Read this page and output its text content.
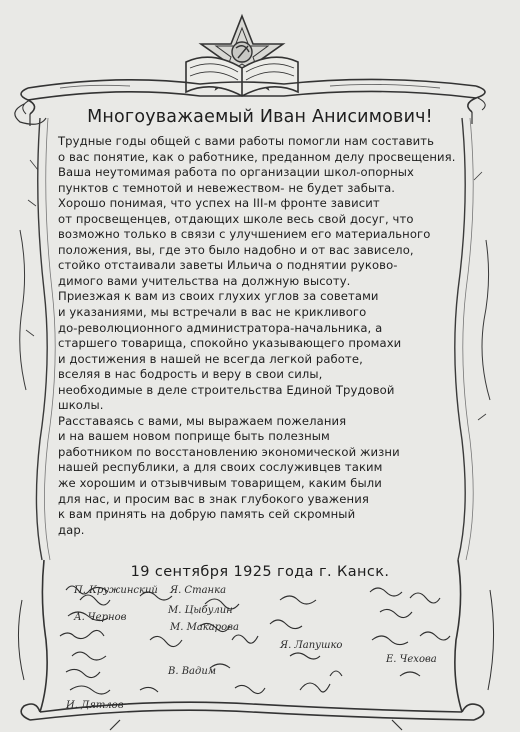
Многоуважаемый Иван Анисимович!
Трудные годы общей с вами работы помогли нам составить
о вас понятие, как о работнике, преданном делу просвещения.
Ваша неутомимая работа по организации школ-опорных
пунктов с темнотой и невежеством- не будет забыта.
Хорошо понимая, что успех на III-м фронте зависит
от просвещенцев, отдающих школе весь свой досуг, что
возможно только в связи с улучшением его материального
положения, вы, где это было надобно и от вас зависело,
стойко отстаивали заветы Ильича о поднятии руково-
димого вами учительства на должную высоту.
Приезжая к вам из своих глухих углов за советами
и указаниями, мы встречали в вас не крикливого
до-революционного администратора-начальника, а
старшего товарища, спокойно указывающего промахи
и достижения в нашей не всегда легкой работе,
вселяя в нас бодрость и веру в свои силы,
необходимые в деле строительства Единой Трудовой
школы.
Расставаясь с вами, мы выражаем пожелания
и на вашем новом поприще быть полезным
работником по восстановлению экономической жизни
нашей республики, а для своих сослуживцев таким
же хорошим и отзывчивым товарищем, каким были
для нас, и просим вас в знак глубокого уважения
к вам принять на добрую память сей скромный
дар.
19 сентября 1925 года г. Канск.
П. Кружинский Я. Станка
А. Чернов
М. Цыбулин
М. Макарова
Я. Лапушко
В. Вадим
Е. Чехова
И. Дятлов
